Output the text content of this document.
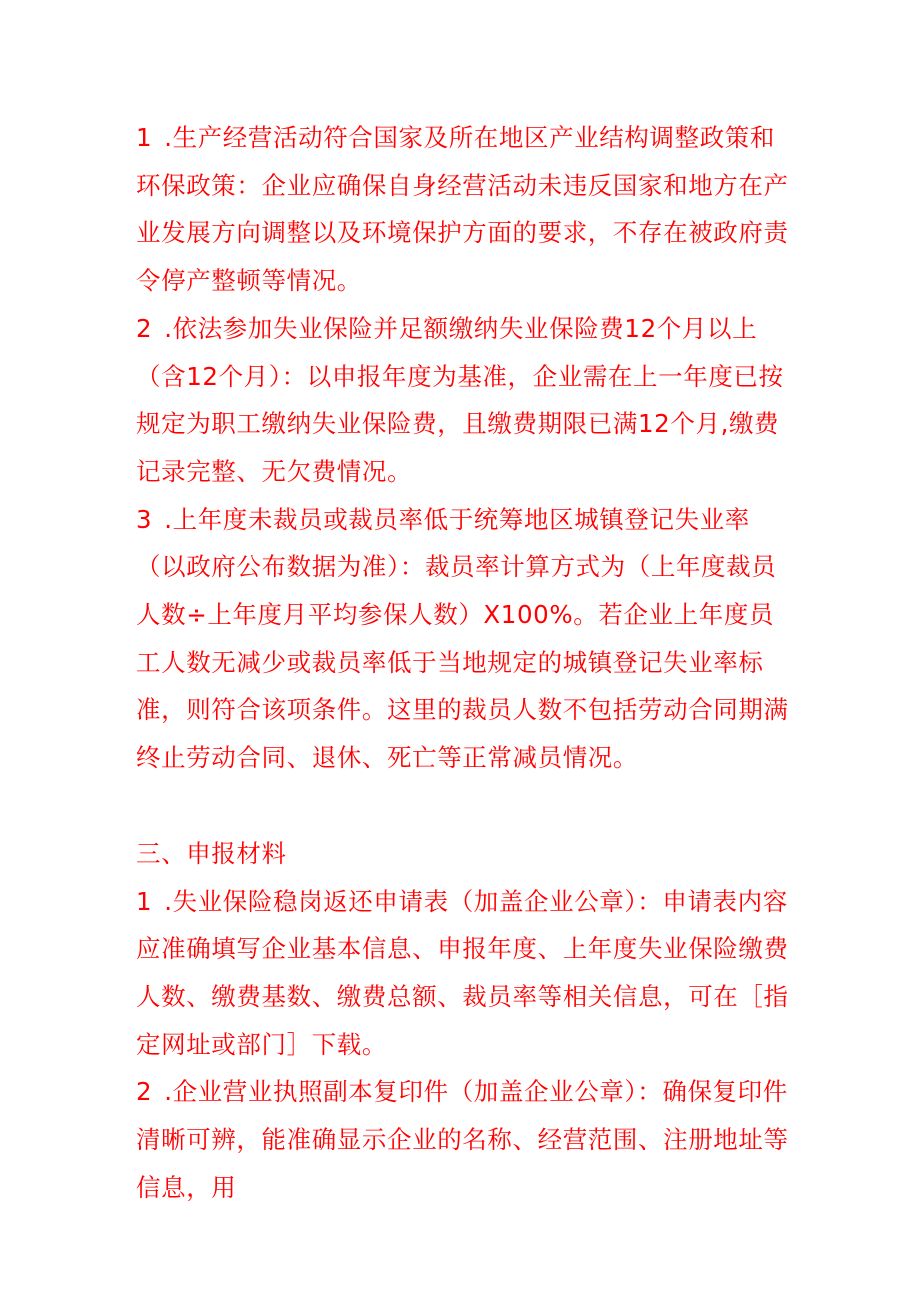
1 .生产经营活动符合国家及所在地区产业结构调整政策和环保政策：企业应确保自身经营活动未违反国家和地方在产业发展方向调整以及环境保护方面的要求，不存在被政府责令停产整顿等情况。

2 .依法参加失业保险并足额缴纳失业保险费12个月以上（含12个月）：以申报年度为基准，企业需在上一年度已按规定为职工缴纳失业保险费，且缴费期限已满12个月,缴费记录完整、无欠费情况。

3 .上年度未裁员或裁员率低于统筹地区城镇登记失业率（以政府公布数据为准）：裁员率计算方式为（上年度裁员人数÷上年度月平均参保人数）X100%。若企业上年度员工人数无减少或裁员率低于当地规定的城镇登记失业率标准，则符合该项条件。这里的裁员人数不包括劳动合同期满终止劳动合同、退休、死亡等正常减员情况。

三、申报材料

1 .失业保险稳岗返还申请表（加盖企业公章）：申请表内容应准确填写企业基本信息、申报年度、上年度失业保险缴费人数、缴费基数、缴费总额、裁员率等相关信息，可在［指定网址或部门］下载。

2 .企业营业执照副本复印件（加盖企业公章）：确保复印件清晰可辨，能准确显示企业的名称、经营范围、注册地址等信息，用
